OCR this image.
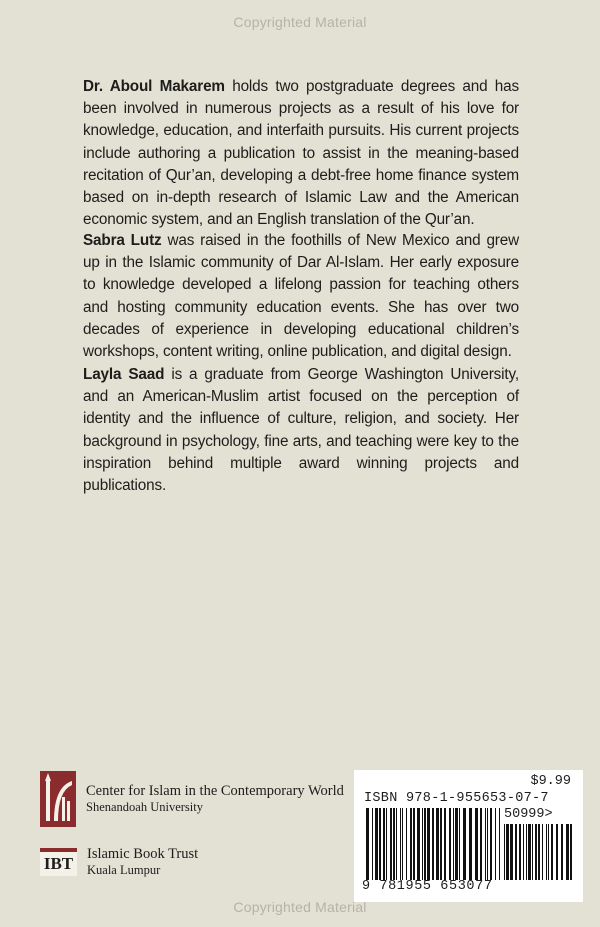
Copyrighted Material

Dr. Aboul Makarem holds two postgraduate degrees and has been involved in numerous projects as a result of his love for knowledge, education, and interfaith pursuits. His current projects include authoring a publication to assist in the meaning-based recitation of Qur’an, developing a debt-free home finance system based on in-depth research of Islamic Law and the American economic system, and an English translation of the Qur’an.

Sabra Lutz was raised in the foothills of New Mexico and grew up in the Islamic community of Dar Al-Islam. Her early exposure to knowledge developed a lifelong passion for teaching others and hosting community education events. She has over two decades of experience in developing educational children’s workshops, content writing, online publication, and digital design.

Layla Saad is a graduate from George Washington University, and an American-Muslim artist focused on the perception of identity and the influence of culture, religion, and society. Her background in psychology, fine arts, and teaching were key to the inspiration behind multiple award winning projects and publications.

Center for Islam in the Contemporary World
Shenandoah University
IBT Islamic Book Trust
Kuala Lumpur
$9.99
ISBN 978-1-955653-07-7
50999>
9 781955 653077
Copyrighted Material
